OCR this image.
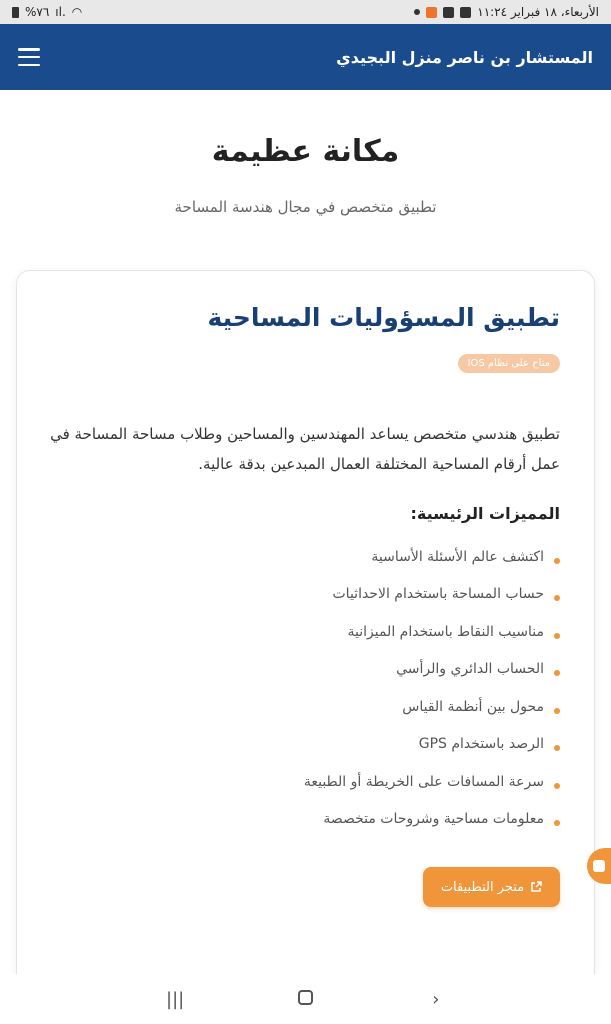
%٧٦ ıl. ◠	الأربعاء، ١٨ فبراير ١١:٢٤
المستشار بن ناصر منزل البجيدي
مكانة عظيمة

تطبيق متخصص في مجال هندسة المساحة

تطبيق المسؤوليات المساحية
متاح على نظام IOS

تطبيق هندسي متخصص يساعد المهندسين والمساحين وطلاب مساحة المساحة في عمل أرقام المساحية المختلفة العمال المبدعين بدقة عالية.

المميزات الرئيسية:
اكتشف عالم الأسئلة الأساسية
حساب المساحة باستخدام الاحداثيات
مناسيب النقاط باستخدام الميزانية
الحساب الدائري والرأسي
محول بين أنظمة القياس
الرصد باستخدام GPS
سرعة المسافات على الخريطة أو الطبيعة
معلومات مساحية وشروحات متخصصة
متجر التطبيقات
|||	›
